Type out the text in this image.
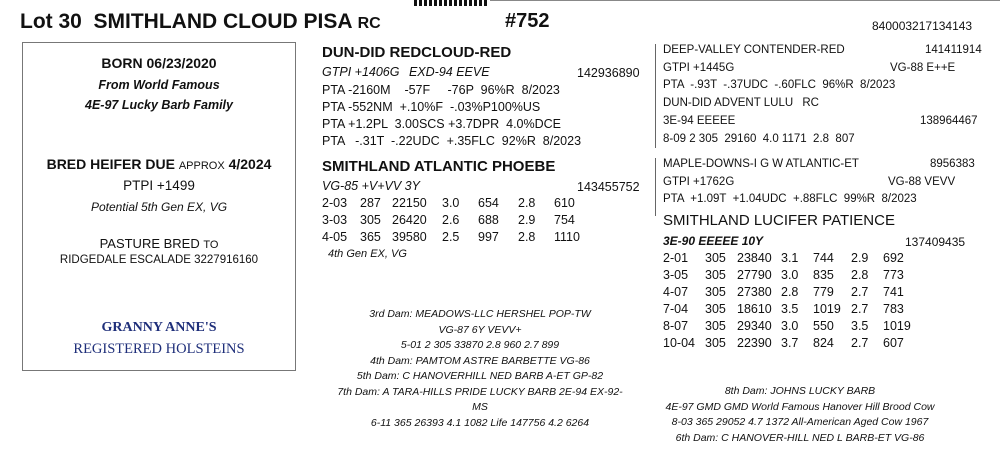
Lot 30 SMITHLAND CLOUD PISA RC	#752	840003217134143
BORN 06/23/2020
From World Famous
4E-97 Lucky Barb Family
BRED HEIFER DUE APPROX 4/2024
PTPI +1499
Potential 5th Gen EX, VG
PASTURE BRED TO
RIDGEDALE ESCALADE 3227916160
GRANNY ANNE'S
REGISTERED HOLSTEINS
DUN-DID REDCLOUD-RED
GTPI +1406G EXD-94 EEVE	142936890
PTA -2160M    -57F     -76P  96%R  8/2023
PTA -552NM  +.10%F  -.03%P100%US
PTA +1.2PL  3.00SCS +3.7DPR  4.0%DCE
PTA   -.31T  -.22UDC  +.35FLC  92%R  8/2023
DEEP-VALLEY CONTENDER-RED	141411914
GTPI +1445G	VG-88 E++E
PTA  -.93T  -.37UDC  -.60FLC  96%R  8/2023
DUN-DID ADVENT LULU RC
3E-94 EEEEE	138964467
8-09 2 305  29160  4.0 1171  2.8  807
SMITHLAND ATLANTIC PHOEBE
VG-85 +V+VV 3Y	143455752
2-03	287	22150	3.0	654	2.8	610
3-03	305	26420	2.6	688	2.9	754
4-05	365	39580	2.5	997	2.8	1110
4th Gen EX, VG
MAPLE-DOWNS-I G W ATLANTIC-ET	8956383
GTPI +1762G	VG-88 VEVV
PTA  +1.09T  +1.04UDC  +.88FLC  99%R  8/2023
SMITHLAND LUCIFER PATIENCE
3E-90 EEEEE 10Y	137409435
2-01	305	23840	3.1	744	2.9	692
3-05	305	27790	3.0	835	2.8	773
4-07	305	27380	2.8	779	2.7	741
7-04	305	18610	3.5	1019	2.7	783
8-07	305	29340	3.0	550	3.5	1019
10-04	305	22390	3.7	824	2.7	607
3rd Dam: MEADOWS-LLC HERSHEL POP-TW
VG-87 6Y VEVV+
5-01 2 305 33870 2.8 960 2.7 899
4th Dam: PAMTOM ASTRE BARBETTE VG-86
5th Dam: C HANOVERHILL NED BARB A-ET GP-82
7th Dam: A TARA-HILLS PRIDE LUCKY BARB 2E-94 EX-92-
MS
6-11 365 26393 4.1 1082 Life 147756 4.2 6264
8th Dam: JOHNS LUCKY BARB
4E-97 GMD GMD World Famous Hanover Hill Brood Cow
8-03 365 29052 4.7 1372 All-American Aged Cow 1967
6th Dam: C HANOVER-HILL NED L BARB-ET VG-86
